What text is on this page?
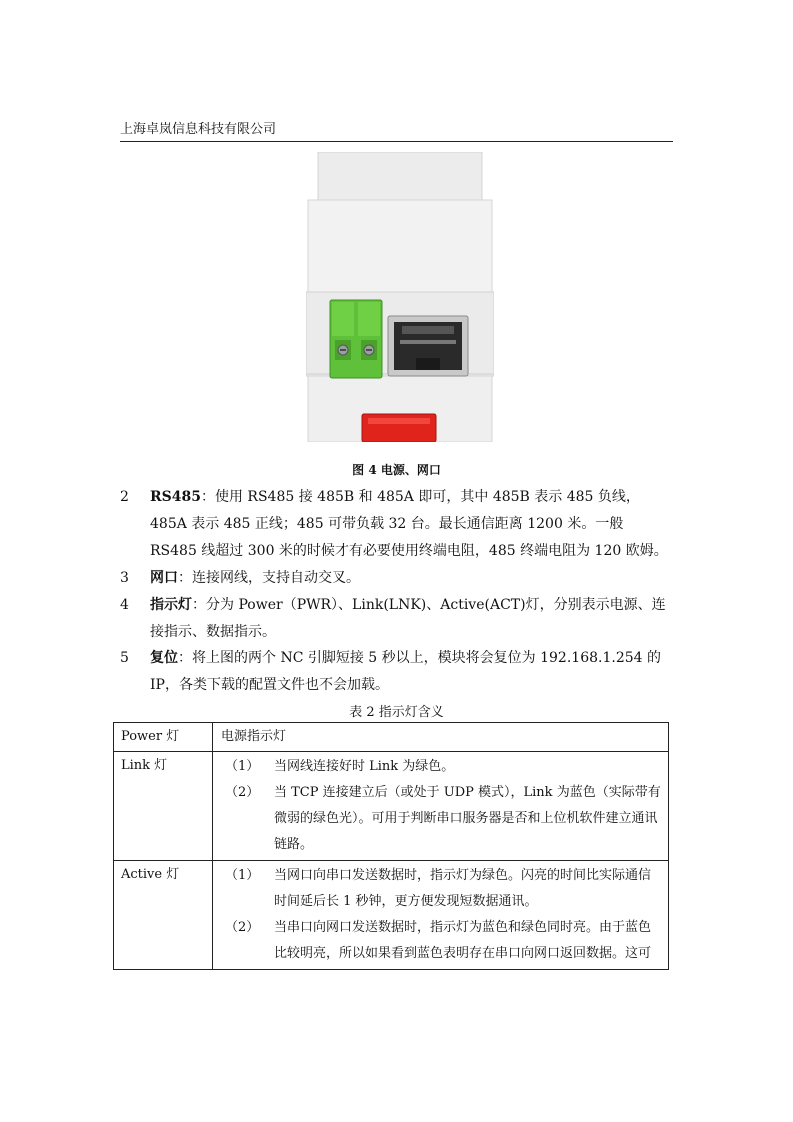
上海卓岚信息科技有限公司
图 4 电源、网口
2	RS485：使用 RS485 接 485B 和 485A 即可，其中 485B 表示 485 负线，485A 表示 485 正线；485 可带负载 32 台。最长通信距离 1200 米。一般 RS485 线超过 300 米的时候才有必要使用终端电阻，485 终端电阻为 120 欧姆。
3	网口：连接网线，支持自动交叉。
4	指示灯：分为 Power（PWR）、Link(LNK)、Active(ACT)灯，分别表示电源、连接指示、数据指示。
5	复位：将上图的两个 NC 引脚短接 5 秒以上，模块将会复位为 192.168.1.254 的 IP，各类下载的配置文件也不会加载。
表 2 指示灯含义
Power 灯	电源指示灯

Link 灯	（1） 当网线连接好时 Link 为绿色。
（2） 当 TCP 连接建立后（或处于 UDP 模式），Link 为蓝色（实际带有微弱的绿色光）。可用于判断串口服务器是否和上位机软件建立通讯链路。

Active 灯	（1） 当网口向串口发送数据时，指示灯为绿色。闪亮的时间比实际通信时间延后长 1 秒钟，更方便发现短数据通讯。
（2） 当串口向网口发送数据时，指示灯为蓝色和绿色同时亮。由于蓝色比较明亮，所以如果看到蓝色表明存在串口向网口返回数据。这可
